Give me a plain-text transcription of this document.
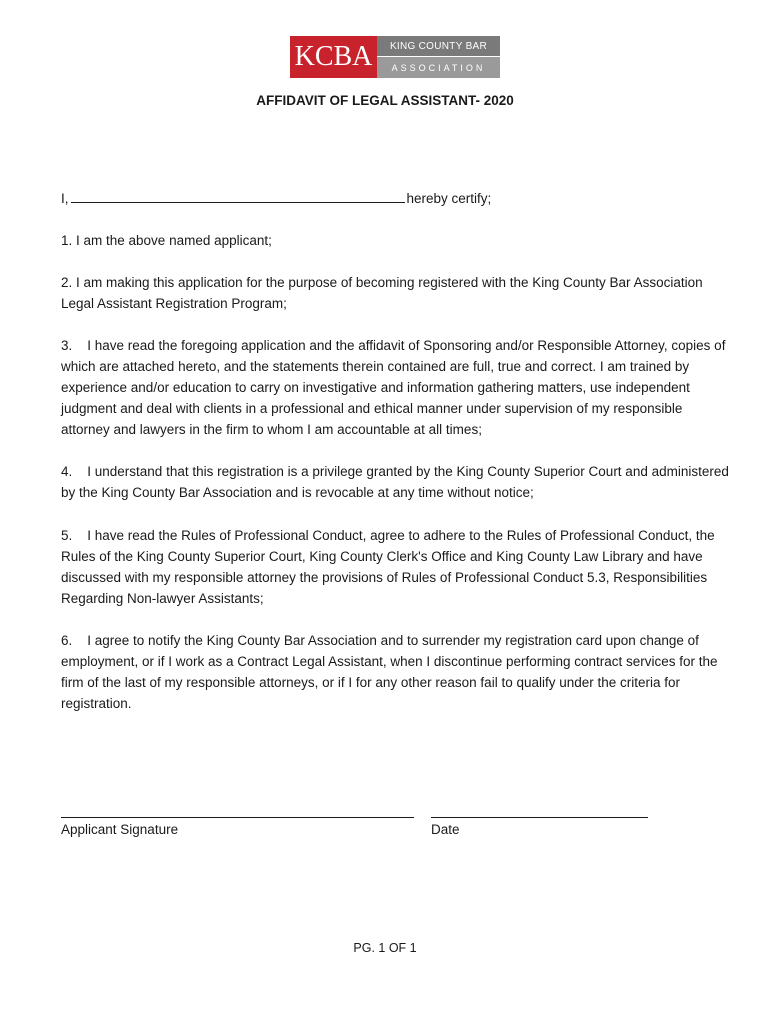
KCBA	KING COUNTY BAR
ASSOCIATION
AFFIDAVIT OF LEGAL ASSISTANT- 2020

I,	hereby certify;

1. I am the above named applicant;

2. I am making this application for the purpose of becoming registered with the King County Bar Association Legal Assistant Registration Program;

3.    I have read the foregoing application and the affidavit of Sponsoring and/or Responsible Attorney, copies of which are attached hereto, and the statements therein contained are full, true and correct. I am trained by experience and/or education to carry on investigative and information gathering matters, use independent judgment and deal with clients in a professional and ethical manner under supervision of my responsible attorney and lawyers in the firm to whom I am accountable at all times;

4.    I understand that this registration is a privilege granted by the King County Superior Court and administered by the King County Bar Association and is revocable at any time without notice;

5.    I have read the Rules of Professional Conduct, agree to adhere to the Rules of Professional Conduct, the Rules of the King County Superior Court, King County Clerk's Office and King County Law Library and have discussed with my responsible attorney the provisions of Rules of Professional Conduct 5.3, Responsibilities Regarding Non-lawyer Assistants;

6.    I agree to notify the King County Bar Association and to surrender my registration card upon change of employment, or if I work as a Contract Legal Assistant, when I discontinue performing contract services for the firm of the last of my responsible attorneys, or if I for any other reason fail to qualify under the criteria for registration.

Applicant Signature	Date
PG. 1 OF 1
